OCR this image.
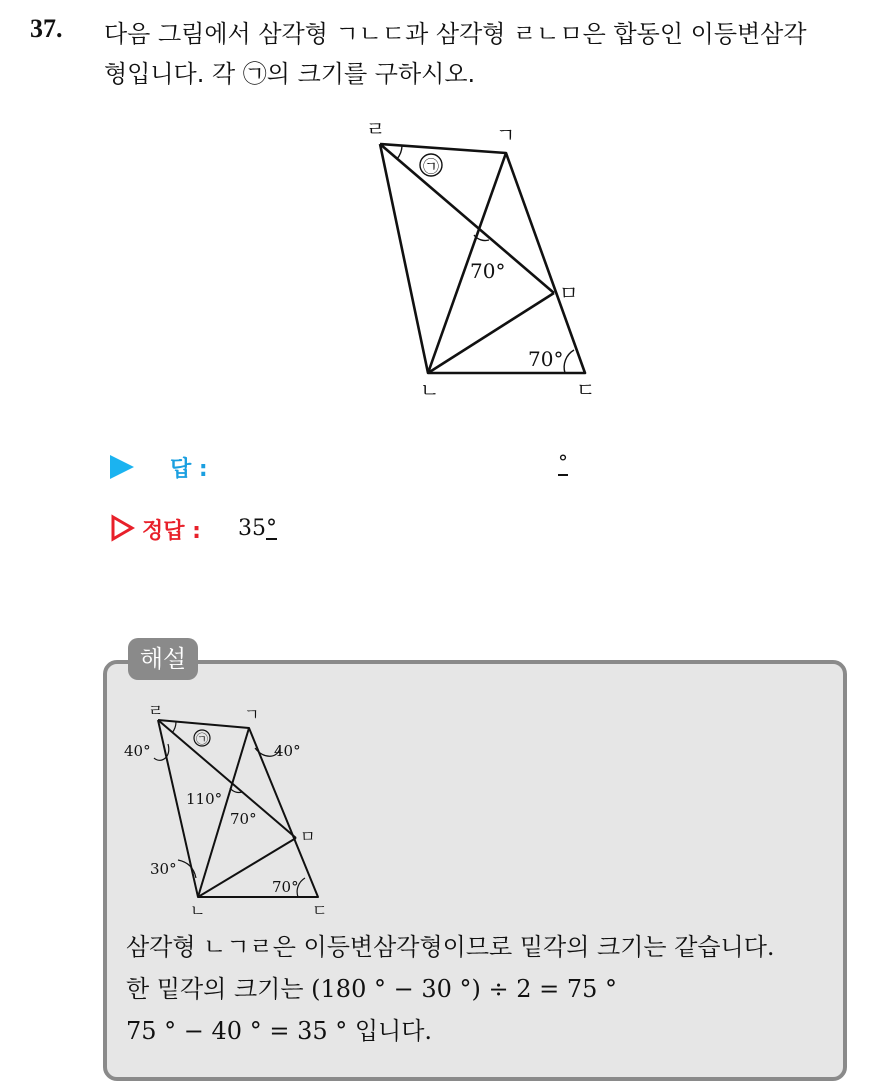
37. 다음 그림에서 삼각형 ㄱㄴㄷ과 삼각형 ㄹㄴㅁ은 합동인 이등변삼각
형입니다. 각 ㉠의 크기를 구하시오.
ㄹ	ㄱ
ㅁ
ㄴ	ㄷ
㉠
70°
70°
답 :	°
정답 : 35°
해설
ㄹ	ㄱ
ㅁ
ㄴ	ㄷ
㉠
40°	40°
110°
70°
30°
70°
삼각형 ㄴㄱㄹ은 이등변삼각형이므로 밑각의 크기는 같습니다.
한 밑각의 크기는 (180 ° − 30 °) ÷ 2 = 75 °
75 ° − 40 ° = 35 ° 입니다.
